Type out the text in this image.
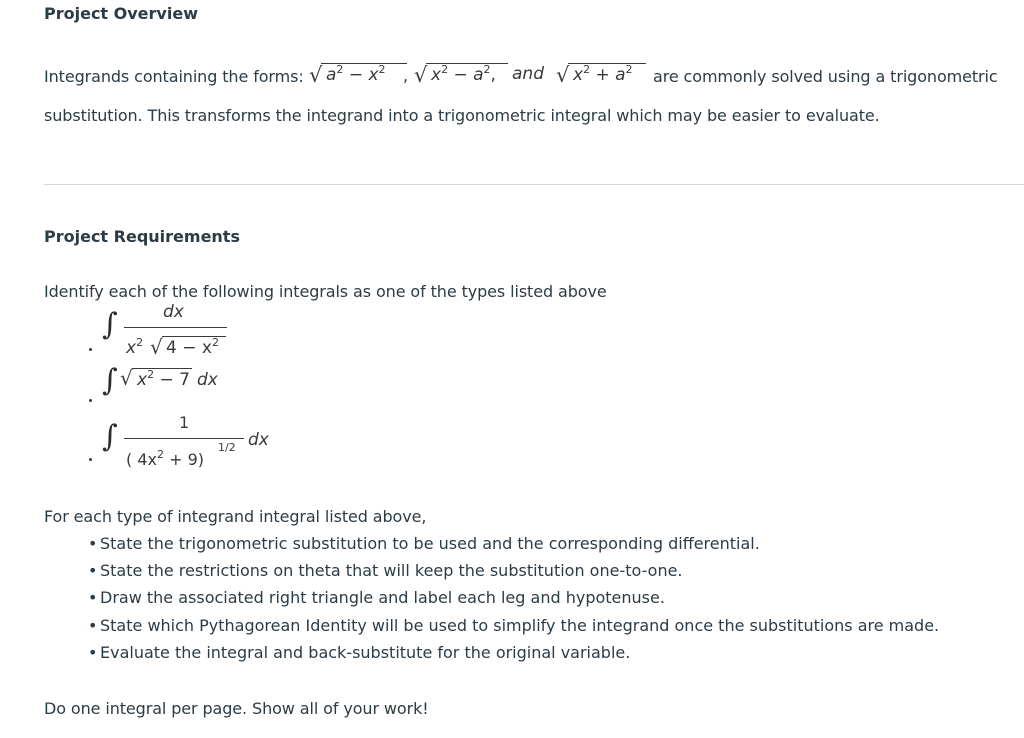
Project Overview
Integrands containing the forms: √ $a^2 - x^2$ , √ $x^2 - a^2$, and √ $x^2 + a^2$ are commonly solved using a trigonometric
substitution. This transforms the integrand into a trigonometric integral which may be easier to evaluate.
Project Requirements
Identify each of the following integrals as one of the types listed above
∫	dx
$x^2$ √ $4 - x^2$
∫ √ $x^2 - 7$ dx
∫	1
( $4x^2 + 9$)
1/2 dx
For each type of integrand integral listed above,
• State the trigonometric substitution to be used and the corresponding differential.
• State the restrictions on theta that will keep the substitution one-to-one.
• Draw the associated right triangle and label each leg and hypotenuse.
• State which Pythagorean Identity will be used to simplify the integrand once the substitutions are made.
• Evaluate the integral and back-substitute for the original variable.
Do one integral per page. Show all of your work!
